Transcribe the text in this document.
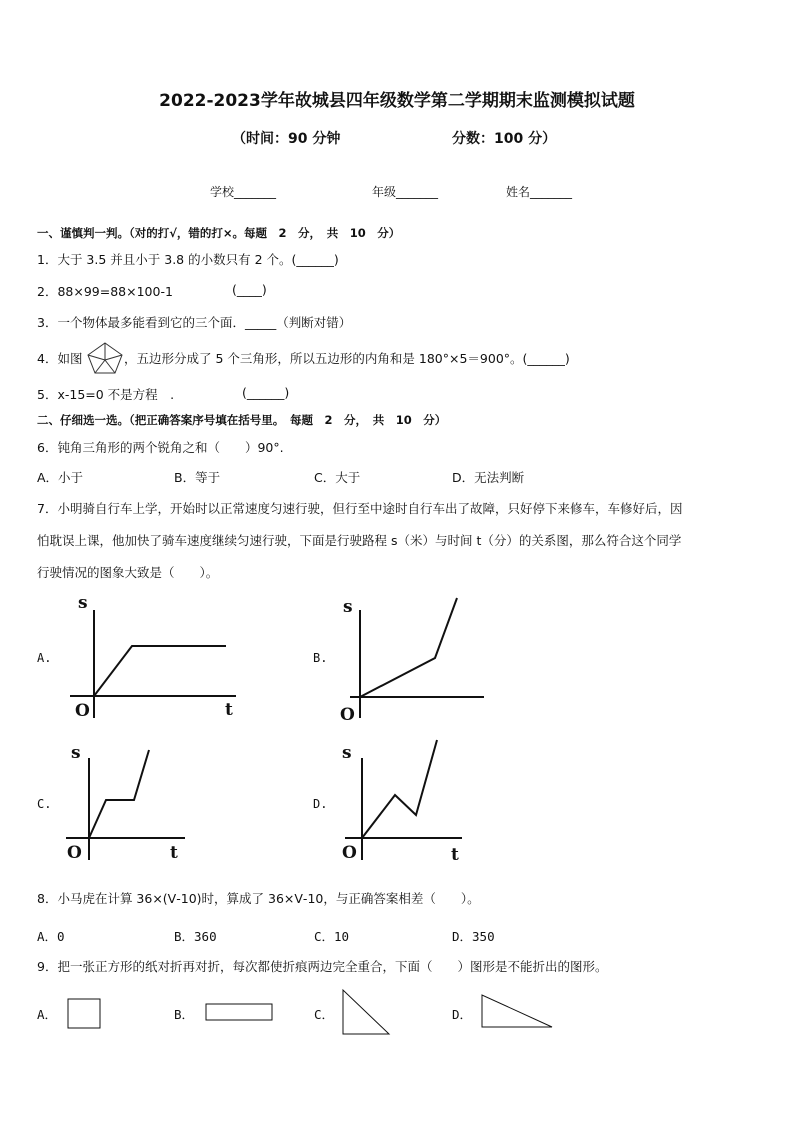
2022-2023学年故城县四年级数学第二学期期末监测模拟试题
（时间：90 分钟	分数：100 分）
学校_______	年级_______	姓名_______
一、谨慎判一判。（对的打√，错的打×。每题　2　分，　共　10　分）
1．大于 3.5 并且小于 3.8 的小数只有 2 个。(______)
2．88×99=88×100-1	(____)
3．一个物体最多能看到它的三个面．_____（判断对错）
4．如图	，五边形分成了 5 个三角形，所以五边形的内角和是 180°×5＝900°。(______)
5．x-15=0 不是方程　.	(______)
二、仔细选一选。（把正确答案序号填在括号里。　每题　2　分，　共　10　分）
6．钝角三角形的两个锐角之和（　　）90°.
A．小于	B．等于	C．大于	D．无法判断
7．小明骑自行车上学，开始时以正常速度匀速行驶，但行至中途时自行车出了故障，只好停下来修车，车修好后，因
怕耽误上课，他加快了骑车速度继续匀速行驶，下面是行驶路程 s（米）与时间 t（分）的关系图，那么符合这个同学
行驶情况的图象大致是（　　）。
A.	B.
C.	D.
s
t
O
s
O
s
t
O
s
t
O
8．小马虎在计算 36×(Ⅴ-10)时，算成了 36×Ⅴ-10，与正确答案相差（　　）。
A．0	B．360	C．10	D．350
9．把一张正方形的纸对折再对折，每次都使折痕两边完全重合，下面（　　）图形是不能折出的图形。
A．	B．	C．	D．
